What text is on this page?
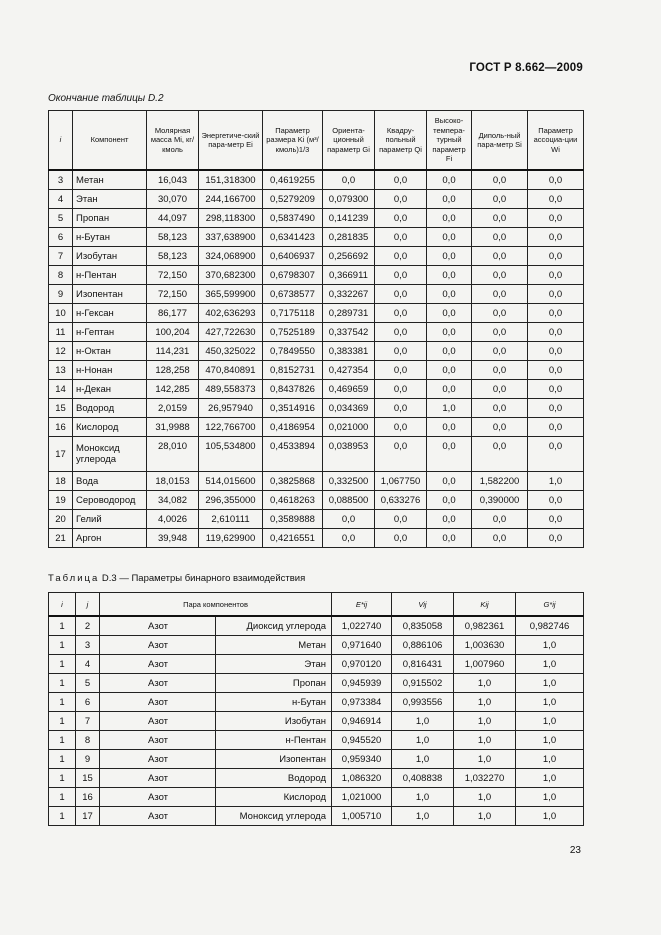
ГОСТ Р 8.662—2009
Окончание таблицы D.2
i	Компонент	Молярная масса Mi, кг/кмоль	Энергетиче-ский пара-метр Ei	Параметр размера Ki (м³/кмоль)1/3	Ориента-ционный параметр Gi	Квадру-польный параметр Qi	Высоко-темпера-турный параметр Fi	Диполь-ный пара-метр Si	Параметр ассоциа-ции Wi
3	Метан	16,043	151,318300	0,4619255	0,0	0,0	0,0	0,0	0,0
4	Этан	30,070	244,166700	0,5279209	0,079300	0,0	0,0	0,0	0,0
5	Пропан	44,097	298,118300	0,5837490	0,141239	0,0	0,0	0,0	0,0
6	н-Бутан	58,123	337,638900	0,6341423	0,281835	0,0	0,0	0,0	0,0
7	Изобутан	58,123	324,068900	0,6406937	0,256692	0,0	0,0	0,0	0,0
8	н-Пентан	72,150	370,682300	0,6798307	0,366911	0,0	0,0	0,0	0,0
9	Изопентан	72,150	365,599900	0,6738577	0,332267	0,0	0,0	0,0	0,0
10	н-Гексан	86,177	402,636293	0,7175118	0,289731	0,0	0,0	0,0	0,0
11	н-Гептан	100,204	427,722630	0,7525189	0,337542	0,0	0,0	0,0	0,0
12	н-Октан	114,231	450,325022	0,7849550	0,383381	0,0	0,0	0,0	0,0
13	н-Нонан	128,258	470,840891	0,8152731	0,427354	0,0	0,0	0,0	0,0
14	н-Декан	142,285	489,558373	0,8437826	0,469659	0,0	0,0	0,0	0,0
15	Водород	2,0159	26,957940	0,3514916	0,034369	0,0	1,0	0,0	0,0
16	Кислород	31,9988	122,766700	0,4186954	0,021000	0,0	0,0	0,0	0,0
17	Моноксид углерода	28,010	105,534800	0,4533894	0,038953	0,0	0,0	0,0	0,0
18	Вода	18,0153	514,015600	0,3825868	0,332500	1,067750	0,0	1,582200	1,0
19	Сероводород	34,082	296,355000	0,4618263	0,088500	0,633276	0,0	0,390000	0,0
20	Гелий	4,0026	2,610111	0,3589888	0,0	0,0	0,0	0,0	0,0
21	Аргон	39,948	119,629900	0,4216551	0,0	0,0	0,0	0,0	0,0
Таблица D.3 — Параметры бинарного взаимодействия
i	j	Пара компонентов		E*ij	Vij	Kij	G*ij
1	2	Азот	Диоксид углерода	1,022740	0,835058	0,982361	0,982746
1	3	Азот	Метан	0,971640	0,886106	1,003630	1,0
1	4	Азот	Этан	0,970120	0,816431	1,007960	1,0
1	5	Азот	Пропан	0,945939	0,915502	1,0	1,0
1	6	Азот	н-Бутан	0,973384	0,993556	1,0	1,0
1	7	Азот	Изобутан	0,946914	1,0	1,0	1,0
1	8	Азот	н-Пентан	0,945520	1,0	1,0	1,0
1	9	Азот	Изопентан	0,959340	1,0	1,0	1,0
1	15	Азот	Водород	1,086320	0,408838	1,032270	1,0
1	16	Азот	Кислород	1,021000	1,0	1,0	1,0
1	17	Азот	Моноксид углерода	1,005710	1,0	1,0	1,0
23
